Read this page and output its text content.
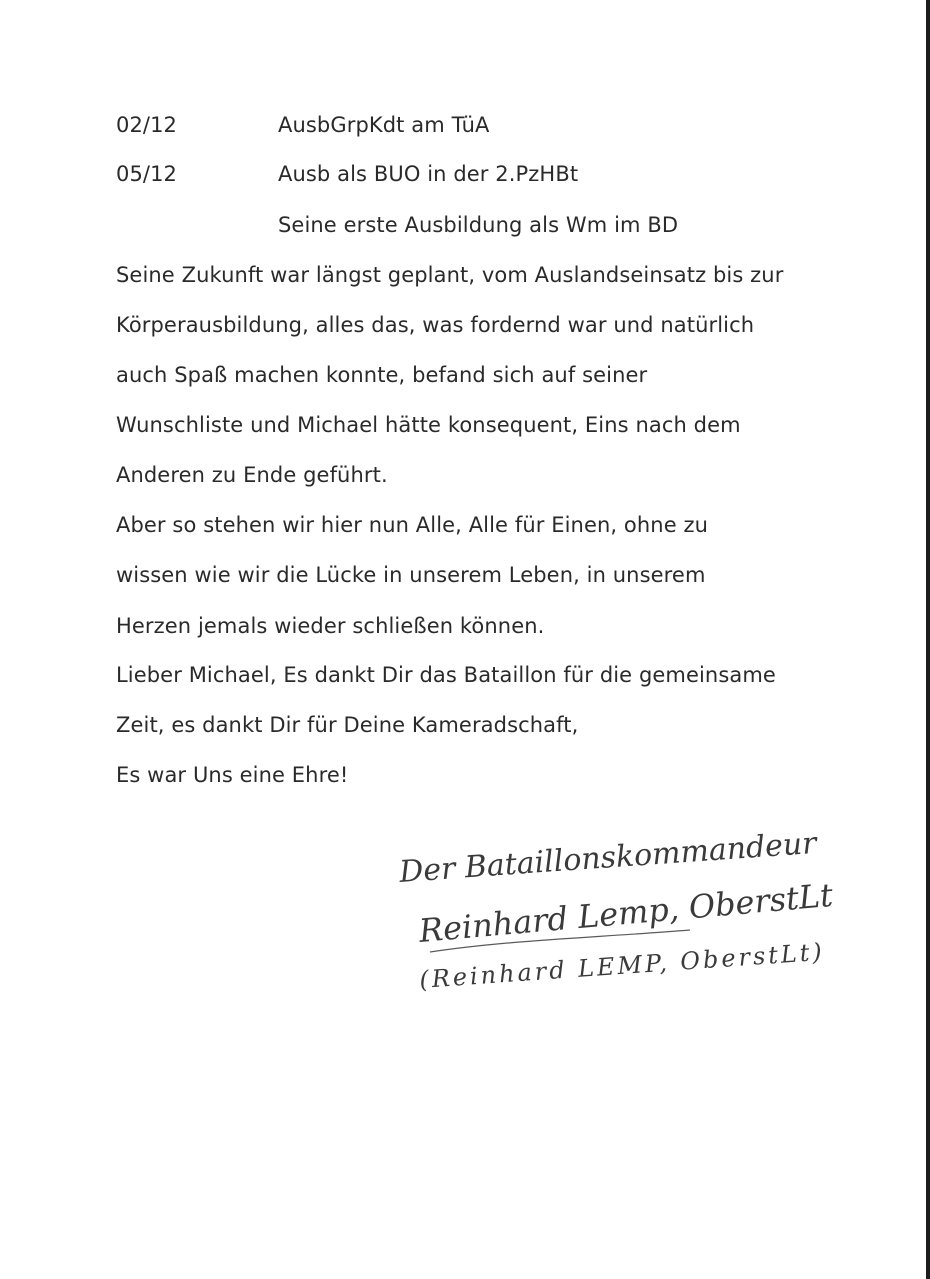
02/12	AusbGrpKdt am TüA
05/12	Ausb als BUO in der 2.PzHBt
Seine erste Ausbildung als Wm im BD
Seine Zukunft war längst geplant, vom Auslandseinsatz bis zur
Körperausbildung, alles das, was fordernd war und natürlich
auch Spaß machen konnte, befand sich auf seiner
Wunschliste und Michael hätte konsequent, Eins nach dem
Anderen zu Ende geführt.
Aber so stehen wir hier nun Alle, Alle für Einen, ohne zu
wissen wie wir die Lücke in unserem Leben, in unserem
Herzen jemals wieder schließen können.
Lieber Michael, Es dankt Dir das Bataillon für die gemeinsame
Zeit, es dankt Dir für Deine Kameradschaft,
Es war Uns eine Ehre!
Der Bataillonskommandeur
Reinhard Lemp, OberstLt
(Reinhard LEMP, OberstLt)
